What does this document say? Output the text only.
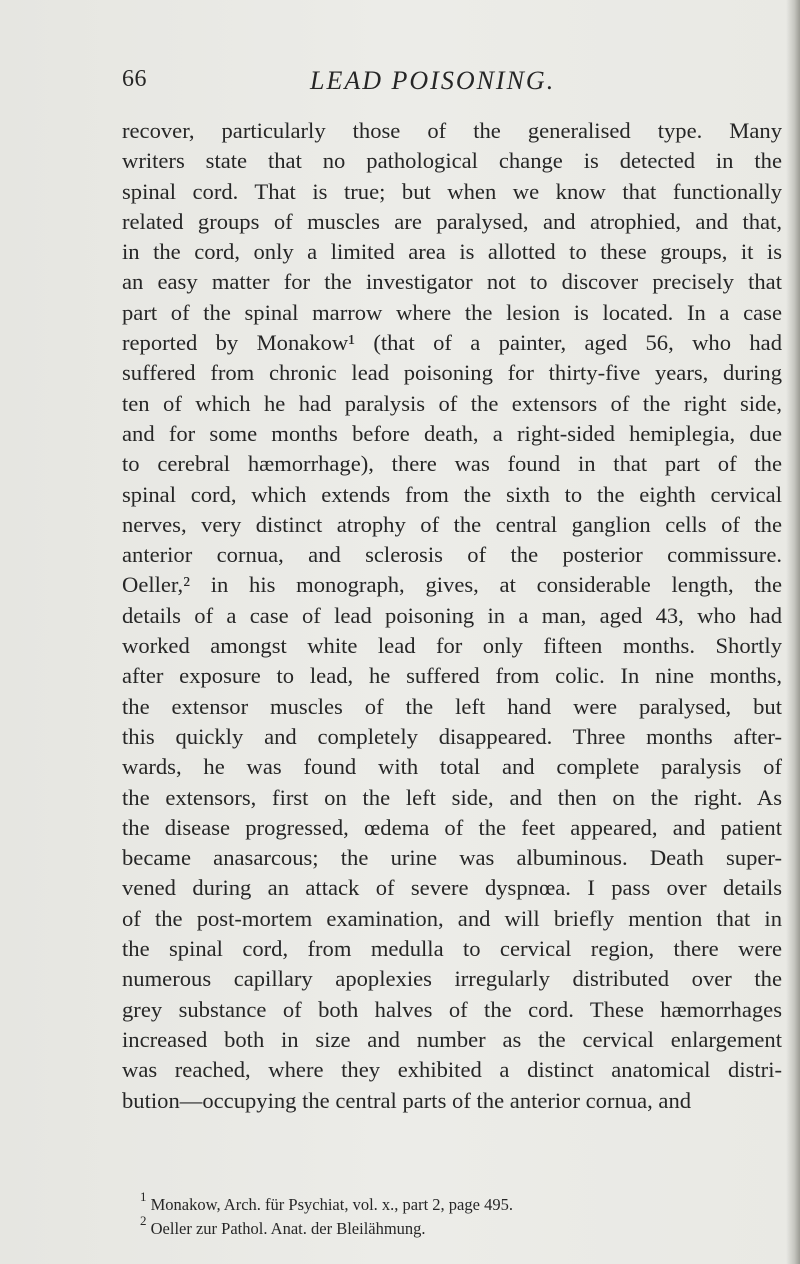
66	LEAD POISONING.
recover, particularly those of the generalised type. Many
writers state that no pathological change is detected in the
spinal cord. That is true; but when we know that functionally
related groups of muscles are paralysed, and atrophied, and that,
in the cord, only a limited area is allotted to these groups, it is
an easy matter for the investigator not to discover precisely that
part of the spinal marrow where the lesion is located. In a case
reported by Monakow¹ (that of a painter, aged 56, who had
suffered from chronic lead poisoning for thirty-five years, during
ten of which he had paralysis of the extensors of the right side,
and for some months before death, a right-sided hemiplegia, due
to cerebral hæmorrhage), there was found in that part of the
spinal cord, which extends from the sixth to the eighth cervical
nerves, very distinct atrophy of the central ganglion cells of the
anterior cornua, and sclerosis of the posterior commissure.
Oeller,² in his monograph, gives, at considerable length, the
details of a case of lead poisoning in a man, aged 43, who had
worked amongst white lead for only fifteen months. Shortly
after exposure to lead, he suffered from colic. In nine months,
the extensor muscles of the left hand were paralysed, but
this quickly and completely disappeared. Three months after-
wards, he was found with total and complete paralysis of
the extensors, first on the left side, and then on the right. As
the disease progressed, œdema of the feet appeared, and patient
became anasarcous; the urine was albuminous. Death super-
vened during an attack of severe dyspnœa. I pass over details
of the post-mortem examination, and will briefly mention that in
the spinal cord, from medulla to cervical region, there were
numerous capillary apoplexies irregularly distributed over the
grey substance of both halves of the cord. These hæmorrhages
increased both in size and number as the cervical enlargement
was reached, where they exhibited a distinct anatomical distri-
bution—occupying the central parts of the anterior cornua, and
$^1$ Monakow, Arch. für Psychiat, vol. x., part 2, page 495.
$^2$ Oeller zur Pathol. Anat. der Bleilähmung.
